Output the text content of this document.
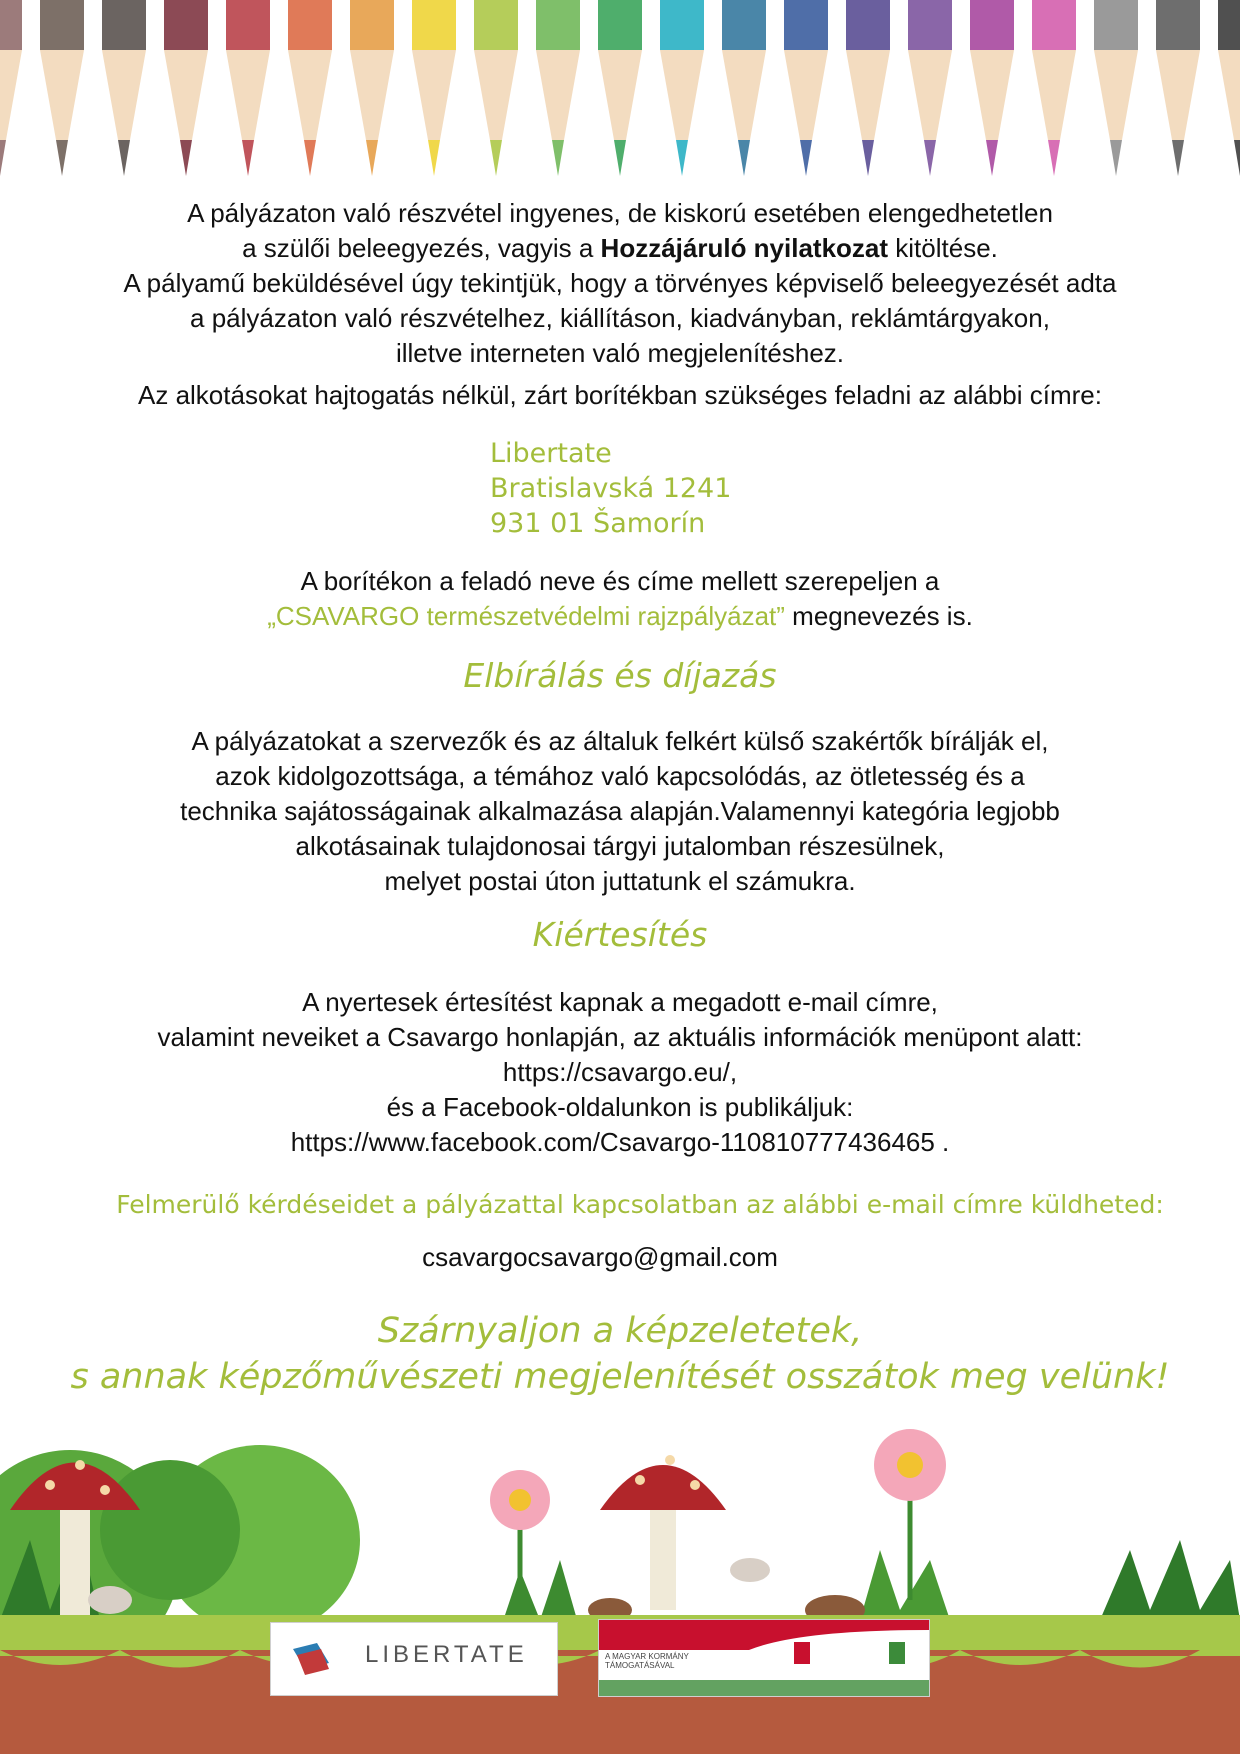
A pályázaton való részvétel ingyenes, de kiskorú esetében elengedhetetlen
a szülői beleegyezés, vagyis a Hozzájáruló nyilatkozat kitöltése.
A pályamű beküldésével úgy tekintjük, hogy a törvényes képviselő beleegyezését adta
a pályázaton való részvételhez, kiállításon, kiadványban, reklámtárgyakon,
illetve interneten való megjelenítéshez.
Az alkotásokat hajtogatás nélkül, zárt borítékban szükséges feladni az alábbi címre:
Libertate
Bratislavská 1241
931 01 Šamorín
A borítékon a feladó neve és címe mellett szerepeljen a
„CSAVARGO természetvédelmi rajzpályázat” megnevezés is.
Elbírálás és díjazás
A pályázatokat a szervezők és az általuk felkért külső szakértők bírálják el,
azok kidolgozottsága, a témához való kapcsolódás, az ötletesség és a
technika sajátosságainak alkalmazása alapján.Valamennyi kategória legjobb
alkotásainak tulajdonosai tárgyi jutalomban részesülnek,
melyet postai úton juttatunk el számukra.
Kiértesítés
A nyertesek értesítést kapnak a megadott e-mail címre,
valamint neveiket a Csavargo honlapján, az aktuális információk menüpont alatt:
https://csavargo.eu/,
és a Facebook-oldalunkon is publikáljuk:
https://www.facebook.com/Csavargo-110810777436465 .
Felmerülő kérdéseidet a pályázattal kapcsolatban az alábbi e-mail címre küldheted:
csavargocsavargo@gmail.com
Szárnyaljon a képzeletetek,
s annak képzőművészeti megjelenítését osszátok meg velünk!
LIBERTATE	A MAGYAR KORMÁNY TÁMOGATÁSÁVAL
